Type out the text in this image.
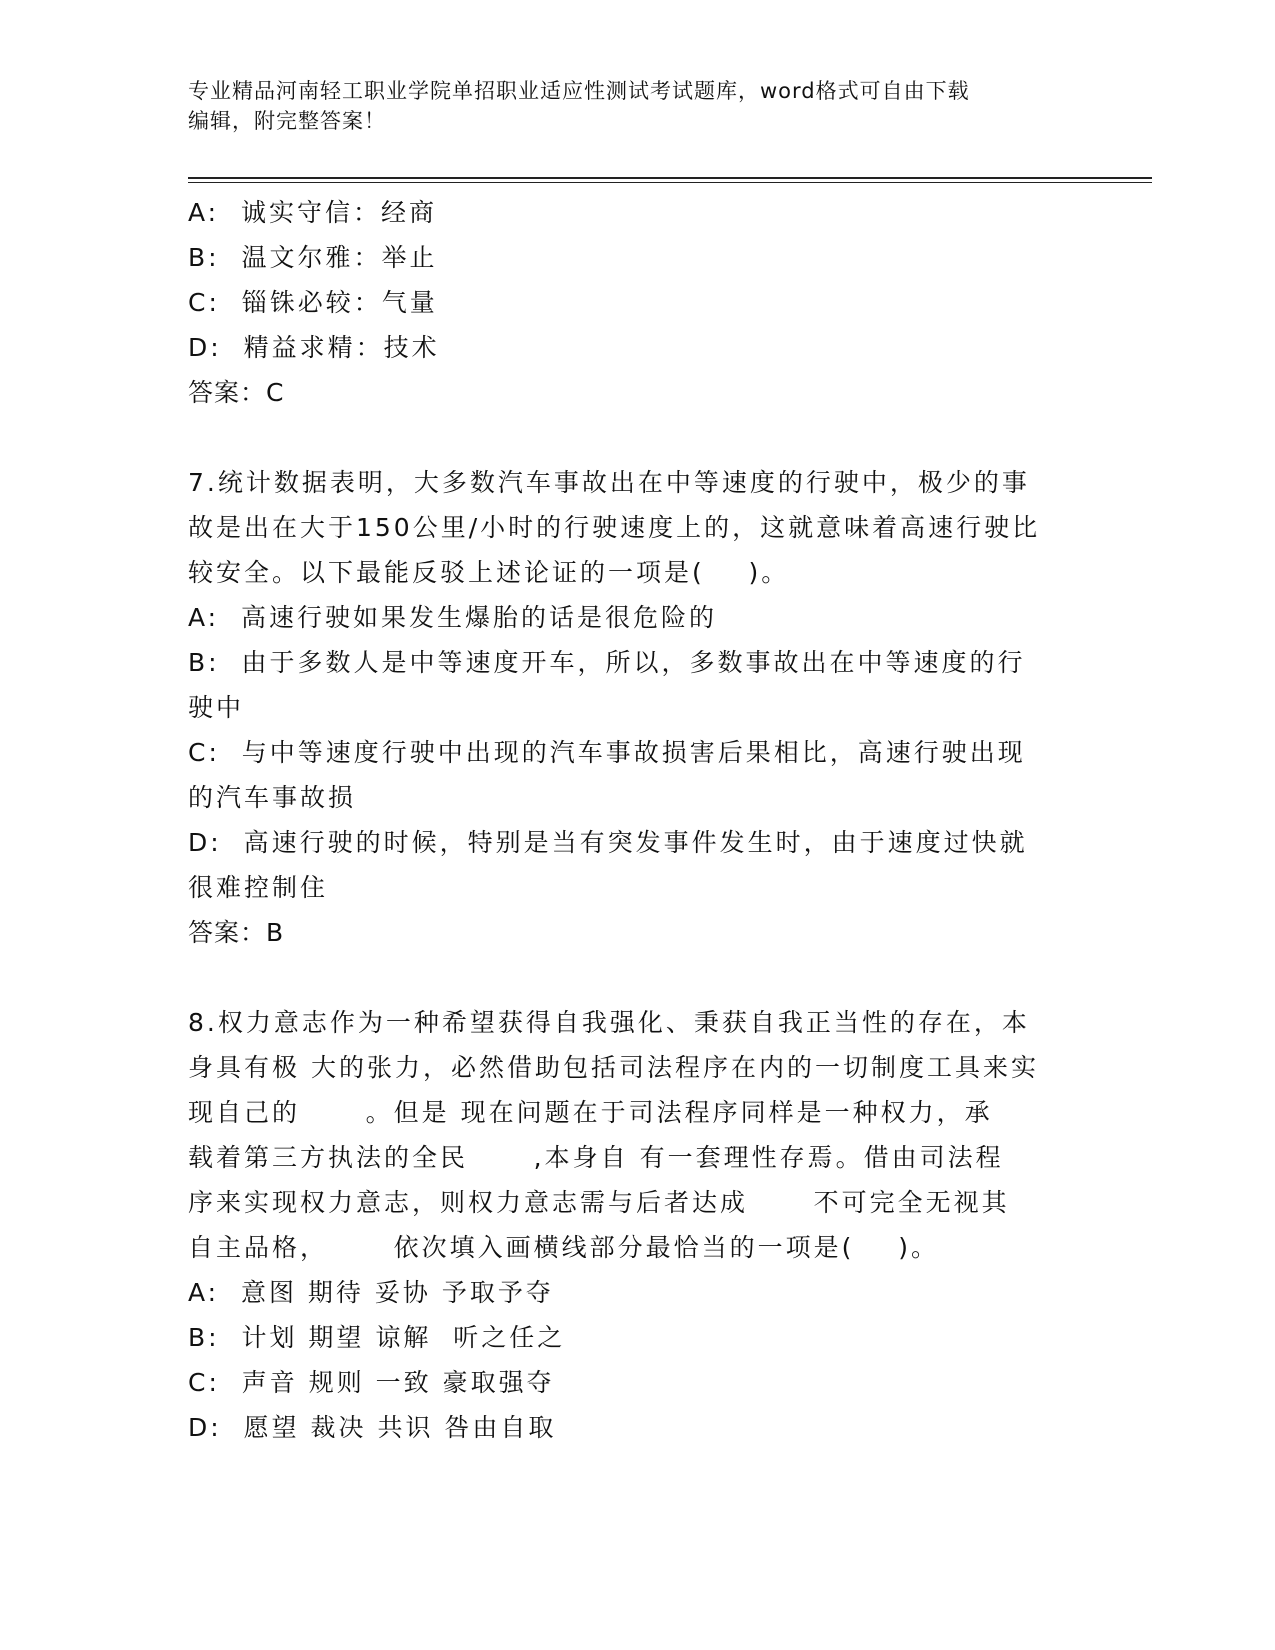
专业精品河南轻工职业学院单招职业适应性测试考试题库，word格式可自由下载
编辑，附完整答案！
A:  诚实守信：经商
B:  温文尔雅：举止
C:  锱铢必较：气量
D:  精益求精：技术
答案：C
7.统计数据表明，大多数汽车事故出在中等速度的行驶中，极少的事
故是出在大于150公里/小时的行驶速度上的，这就意味着高速行驶比
较安全。以下最能反驳上述论证的一项是(    )。
A:  高速行驶如果发生爆胎的话是很危险的
B:  由于多数人是中等速度开车，所以，多数事故出在中等速度的行
驶中
C:  与中等速度行驶中出现的汽车事故损害后果相比，高速行驶出现
的汽车事故损
D:  高速行驶的时候，特别是当有突发事件发生时，由于速度过快就
很难控制住
答案：B
8.权力意志作为一种希望获得自我强化、秉获自我正当性的存在，本
身具有极 大的张力，必然借助包括司法程序在内的一切制度工具来实
现自己的      。但是 现在问题在于司法程序同样是一种权力，承
载着第三方执法的全民      ,本身自 有一套理性存焉。借由司法程
序来实现权力意志，则权力意志需与后者达成      不可完全无视其
自主品格，      依次填入画横线部分最恰当的一项是(    )。
A:  意图 期待 妥协 予取予夺
B:  计划 期望 谅解  听之任之
C:  声音 规则 一致 豪取强夺
D:  愿望 裁决 共识 咎由自取
